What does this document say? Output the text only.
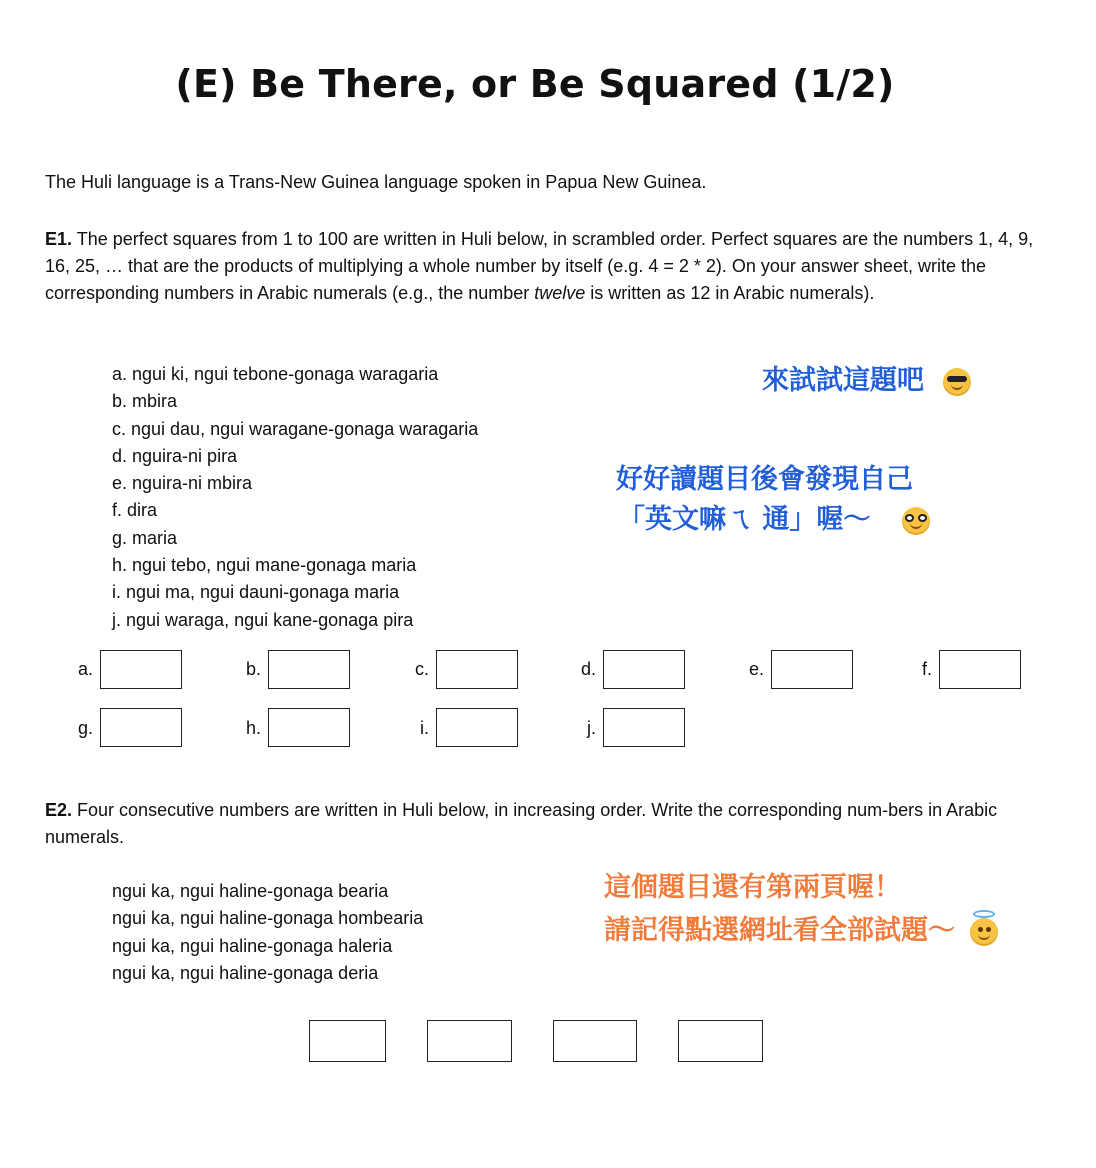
(E) Be There, or Be Squared (1/2)
The Huli language is a Trans-New Guinea language spoken in Papua New Guinea.
E1. The perfect squares from 1 to 100 are written in Huli below, in scrambled order. Perfect squares are the numbers 1, 4, 9, 16, 25, … that are the products of multiplying a whole number by itself (e.g. 4 = 2 * 2). On your answer sheet, write the corresponding numbers in Arabic numerals (e.g., the number twelve is written as 12 in Arabic numerals).
a. ngui ki, ngui tebone-gonaga waragaria
b. mbira
c. ngui dau, ngui waragane-gonaga waragaria
d. nguira-ni pira
e. nguira-ni mbira
f. dira
g. maria
h. ngui tebo, ngui mane-gonaga maria
i. ngui ma, ngui dauni-gonaga maria
j. ngui waraga, ngui kane-gonaga pira
a.	b.	c.	d.	e.	f.
g.	h.	i.	j.
E2. Four consecutive numbers are written in Huli below, in increasing order. Write the corresponding num-bers in Arabic numerals.
ngui ka, ngui haline-gonaga bearia
ngui ka, ngui haline-gonaga hombearia
ngui ka, ngui haline-gonaga haleria
ngui ka, ngui haline-gonaga deria
來試試這題吧
好好讀題目後會發現自己
「英文嘛ㄟ 通」喔～
這個題目還有第兩頁喔！
請記得點選網址看全部試題～
